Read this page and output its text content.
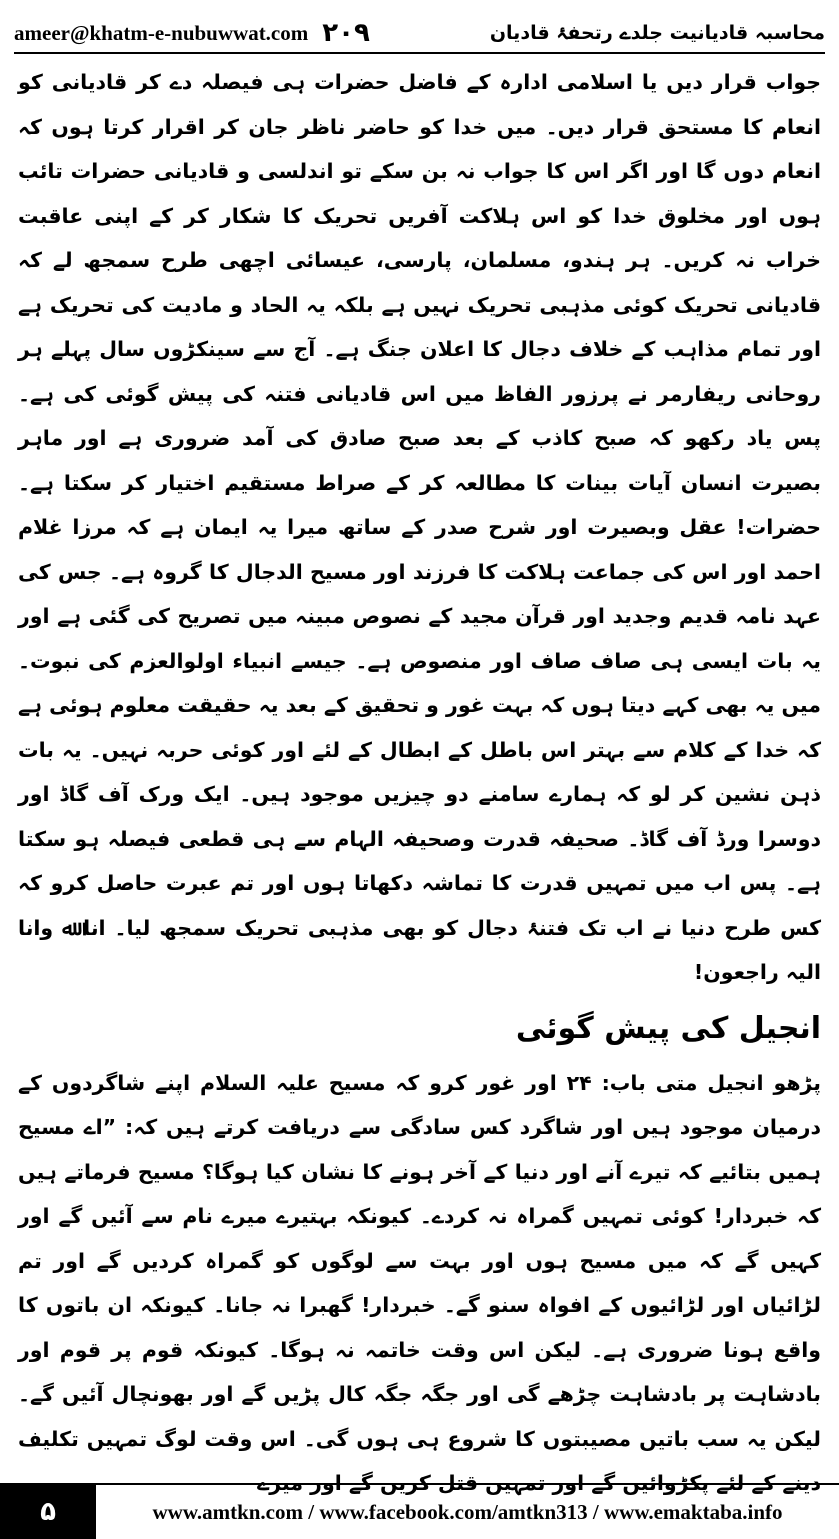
ameer@khatm-e-nubuwwat.com ۲۰۹	محاسبہ قادیانیت جلدے رتحفۂ قادیان

جواب قرار دیں یا اسلامی ادارہ کے فاضل حضرات ہی فیصلہ دے کر قادیانی کو انعام کا مستحق قرار دیں۔ میں خدا کو حاضر ناظر جان کر اقرار کرتا ہوں کہ انعام دوں گا اور اگر اس کا جواب نہ بن سکے تو اندلسی و قادیانی حضرات تائب ہوں اور مخلوق خدا کو اس ہلاکت آفریں تحریک کا شکار کر کے اپنی عاقبت خراب نہ کریں۔ ہر ہندو، مسلمان، پارسی، عیسائی اچھی طرح سمجھ لے کہ قادیانی تحریک کوئی مذہبی تحریک نہیں ہے بلکہ یہ الحاد و مادیت کی تحریک ہے اور تمام مذاہب کے خلاف دجال کا اعلان جنگ ہے۔ آج سے سینکڑوں سال پہلے ہر روحانی ریفارمر نے پرزور الفاظ میں اس قادیانی فتنہ کی پیش گوئی کی ہے۔ پس یاد رکھو کہ صبح کاذب کے بعد صبح صادق کی آمد ضروری ہے اور ماہر بصیرت انسان آیات بینات کا مطالعہ کر کے صراط مستقیم اختیار کر سکتا ہے۔ حضرات! عقل وبصیرت اور شرح صدر کے ساتھ میرا یہ ایمان ہے کہ مرزا غلام احمد اور اس کی جماعت ہلاکت کا فرزند اور مسیح الدجال کا گروہ ہے۔ جس کی عہد نامہ قدیم وجدید اور قرآن مجید کے نصوص مبینہ میں تصریح کی گئی ہے اور یہ بات ایسی ہی صاف صاف اور منصوص ہے۔ جیسے انبیاء اولوالعزم کی نبوت۔ میں یہ بھی کہے دیتا ہوں کہ بہت غور و تحقیق کے بعد یہ حقیقت معلوم ہوئی ہے کہ خدا کے کلام سے بہتر اس باطل کے ابطال کے لئے اور کوئی حربہ نہیں۔ یہ بات ذہن نشین کر لو کہ ہمارے سامنے دو چیزیں موجود ہیں۔ ایک ورک آف گاڈ اور دوسرا ورڈ آف گاڈ۔ صحیفہ قدرت وصحیفہ الہام سے ہی قطعی فیصلہ ہو سکتا ہے۔ پس اب میں تمہیں قدرت کا تماشہ دکھاتا ہوں اور تم عبرت حاصل کرو کہ کس طرح دنیا نے اب تک فتنۂ دجال کو بھی مذہبی تحریک سمجھ لیا۔ انا ﷲ وانا الیہ راجعون!

انجیل کی پیش گوئی

پڑھو انجیل متی باب: ۲۴ اور غور کرو کہ مسیح علیہ السلام اپنے شاگردوں کے درمیان موجود ہیں اور شاگرد کس سادگی سے دریافت کرتے ہیں کہ: ”اے مسیح ہمیں بتائیے کہ تیرے آنے اور دنیا کے آخر ہونے کا نشان کیا ہوگا؟ مسیح فرماتے ہیں کہ خبردار! کوئی تمہیں گمراہ نہ کردے۔ کیونکہ بہتیرے میرے نام سے آئیں گے اور کہیں گے کہ میں مسیح ہوں اور بہت سے لوگوں کو گمراہ کردیں گے اور تم لڑائیاں اور لڑائیوں کے افواہ سنو گے۔ خبردار! گھبرا نہ جانا۔ کیونکہ ان باتوں کا واقع ہونا ضروری ہے۔ لیکن اس وقت خاتمہ نہ ہوگا۔ کیونکہ قوم پر قوم اور بادشاہت پر بادشاہت چڑھے گی اور جگہ جگہ کال پڑیں گے اور بھونچال آئیں گے۔ لیکن یہ سب باتیں مصیبتوں کا شروع ہی ہوں گی۔ اس وقت لوگ تمہیں تکلیف دینے کے لئے پکڑوائیں گے اور تمہیں قتل کریں گے اور میرے

۵	www.amtkn.com / www.facebook.com/amtkn313 / www.emaktaba.info
